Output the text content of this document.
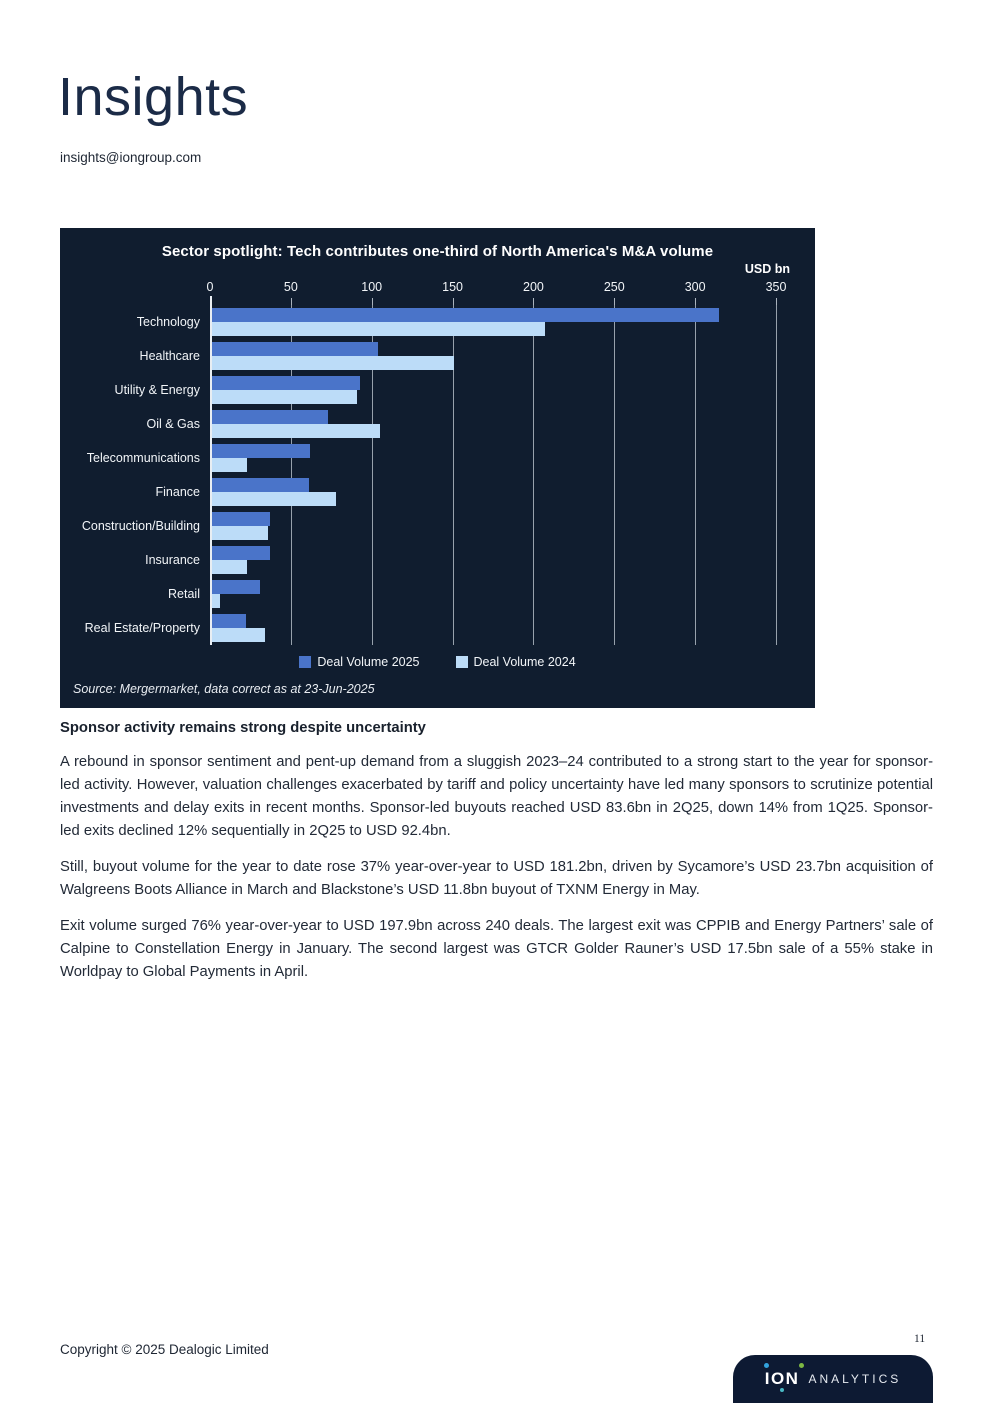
Insights
insights@iongroup.com
Sector spotlight: Tech contributes one-third of North America's M&A volume
USD bn
0	50	100	150	200	250	300	350
Technology
Healthcare
Utility & Energy
Oil & Gas
Telecommunications
Finance
Construction/Building
Insurance
Retail
Real Estate/Property
Deal Volume 2025	Deal Volume 2024
Source: Mergermarket, data correct as at 23-Jun-2025
Sponsor activity remains strong despite uncertainty

A rebound in sponsor sentiment and pent-up demand from a sluggish 2023–24 contributed to a strong start to the year for sponsor-led activity. However, valuation challenges exacerbated by tariff and policy uncertainty have led many sponsors to scrutinize potential investments and delay exits in recent months. Sponsor-led buyouts reached USD 83.6bn in 2Q25, down 14% from 1Q25. Sponsor-led exits declined 12% sequentially in 2Q25 to USD 92.4bn.

Still, buyout volume for the year to date rose 37% year-over-year to USD 181.2bn, driven by Sycamore’s USD 23.7bn acquisition of Walgreens Boots Alliance in March and Blackstone’s USD 11.8bn buyout of TXNM Energy in May.

Exit volume surged 76% year-over-year to USD 197.9bn across 240 deals. The largest exit was CPPIB and Energy Partners’ sale of Calpine to Constellation Energy in January. The second largest was GTCR Golder Rauner’s USD 17.5bn sale of a 55% stake in Worldpay to Global Payments in April.

Copyright © 2025 Dealogic Limited
11
ION ANALYTICS
